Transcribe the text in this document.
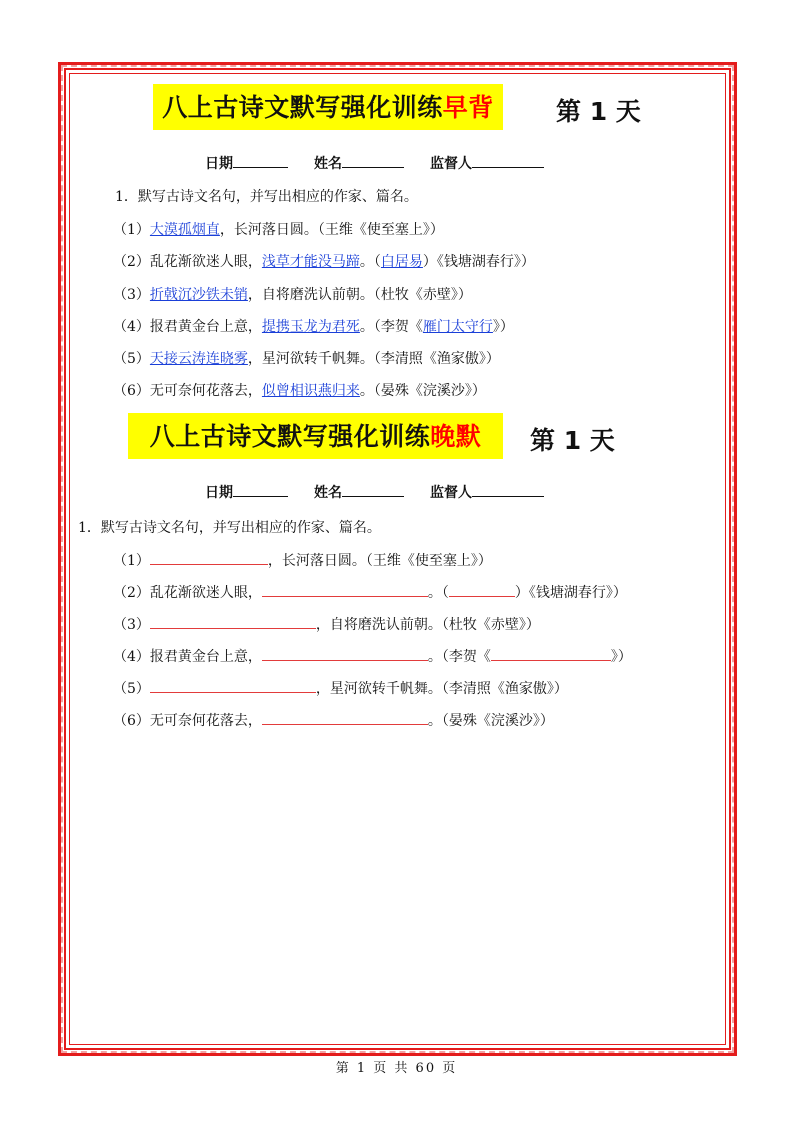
八上古诗文默写强化训练 早背 第 1 天
日期	姓名	监督人
1．默写古诗文名句，并写出相应的作家、篇名。
（1）大漠孤烟直，长河落日圆。（王维《使至塞上》）
（2）乱花渐欲迷人眼，浅草才能没马蹄。（白居易）《钱塘湖春行》）
（3）折戟沉沙铁未销，自将磨洗认前朝。（杜牧《赤壁》）
（4）报君黄金台上意，提携玉龙为君死。（李贺《雁门太守行》）
（5）天接云涛连晓雾，星河欲转千帆舞。（李清照《渔家傲》）
（6）无可奈何花落去，似曾相识燕归来。（晏殊《浣溪沙》）
八上古诗文默写强化训练 晚默 第 1 天
日期	姓名	监督人
1．默写古诗文名句，并写出相应的作家、篇名。
（1）	，长河落日圆。（王维《使至塞上》）
（2）乱花渐欲迷人眼，	。（	）《钱塘湖春行》）
（3）	，自将磨洗认前朝。（杜牧《赤壁》）
（4）报君黄金台上意，	。（李贺《	》）
（5）	，星河欲转千帆舞。（李清照《渔家傲》）
（6）无可奈何花落去，	。（晏殊《浣溪沙》）
第 1 页 共 60 页
